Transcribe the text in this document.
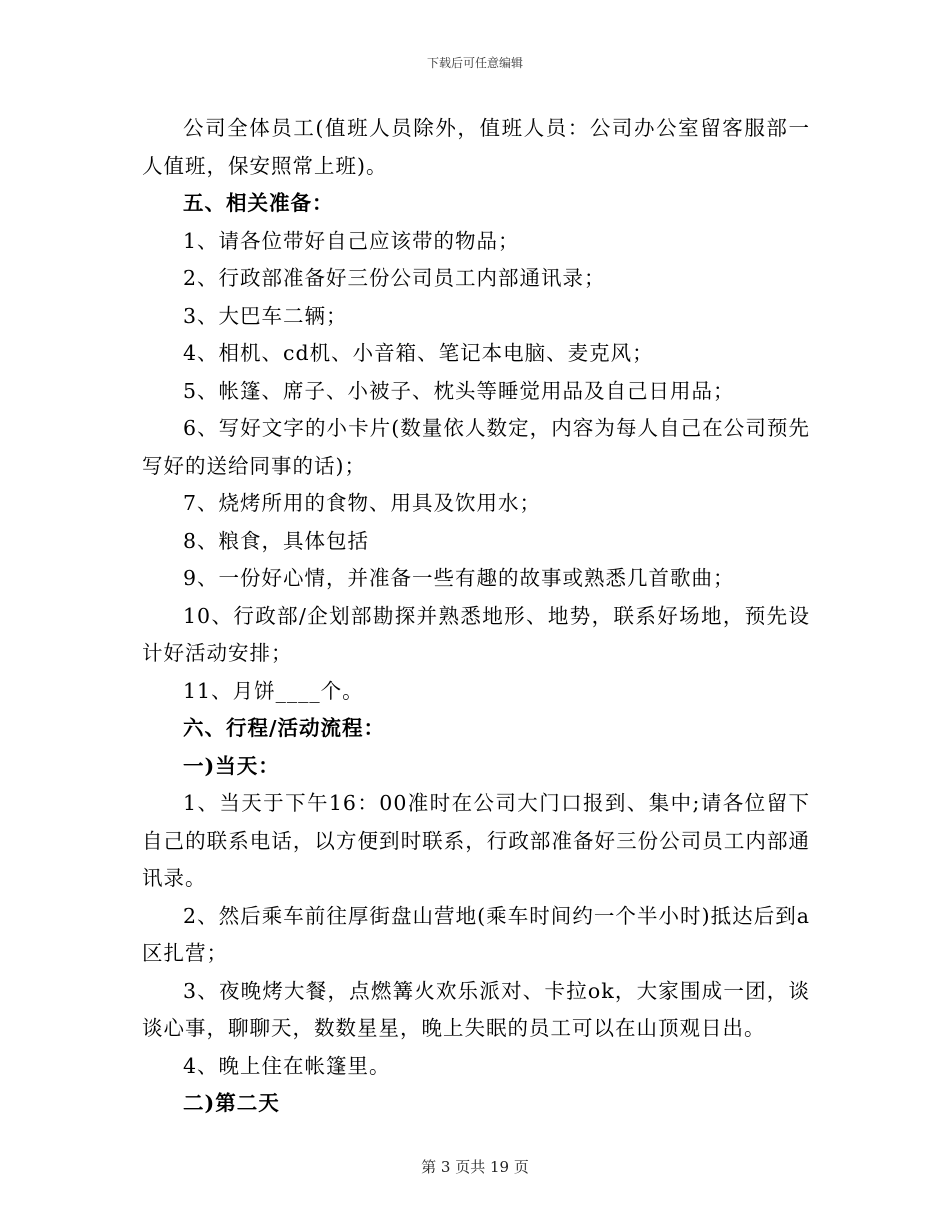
下载后可任意编辑

公司全体员工(值班人员除外，值班人员：公司办公室留客服部一人值班，保安照常上班)。

五、相关准备：

1、请各位带好自己应该带的物品；

2、行政部准备好三份公司员工内部通讯录；

3、大巴车二辆；

4、相机、cd机、小音箱、笔记本电脑、麦克风；

5、帐篷、席子、小被子、枕头等睡觉用品及自己日用品；

6、写好文字的小卡片(数量依人数定，内容为每人自己在公司预先写好的送给同事的话)；

7、烧烤所用的食物、用具及饮用水；

8、粮食，具体包括

9、一份好心情，并准备一些有趣的故事或熟悉几首歌曲；

10、行政部/企划部勘探并熟悉地形、地势，联系好场地，预先设计好活动安排；

11、月饼____个。

六、行程/活动流程：

一)当天：

1、当天于下午16：00准时在公司大门口报到、集中;请各位留下自己的联系电话，以方便到时联系，行政部准备好三份公司员工内部通讯录。

2、然后乘车前往厚街盘山营地(乘车时间约一个半小时)抵达后到a区扎营；

3、夜晚烤大餐，点燃篝火欢乐派对、卡拉ok，大家围成一团，谈谈心事，聊聊天，数数星星，晚上失眠的员工可以在山顶观日出。

4、晚上住在帐篷里。

二)第二天

第 3 页共 19 页
